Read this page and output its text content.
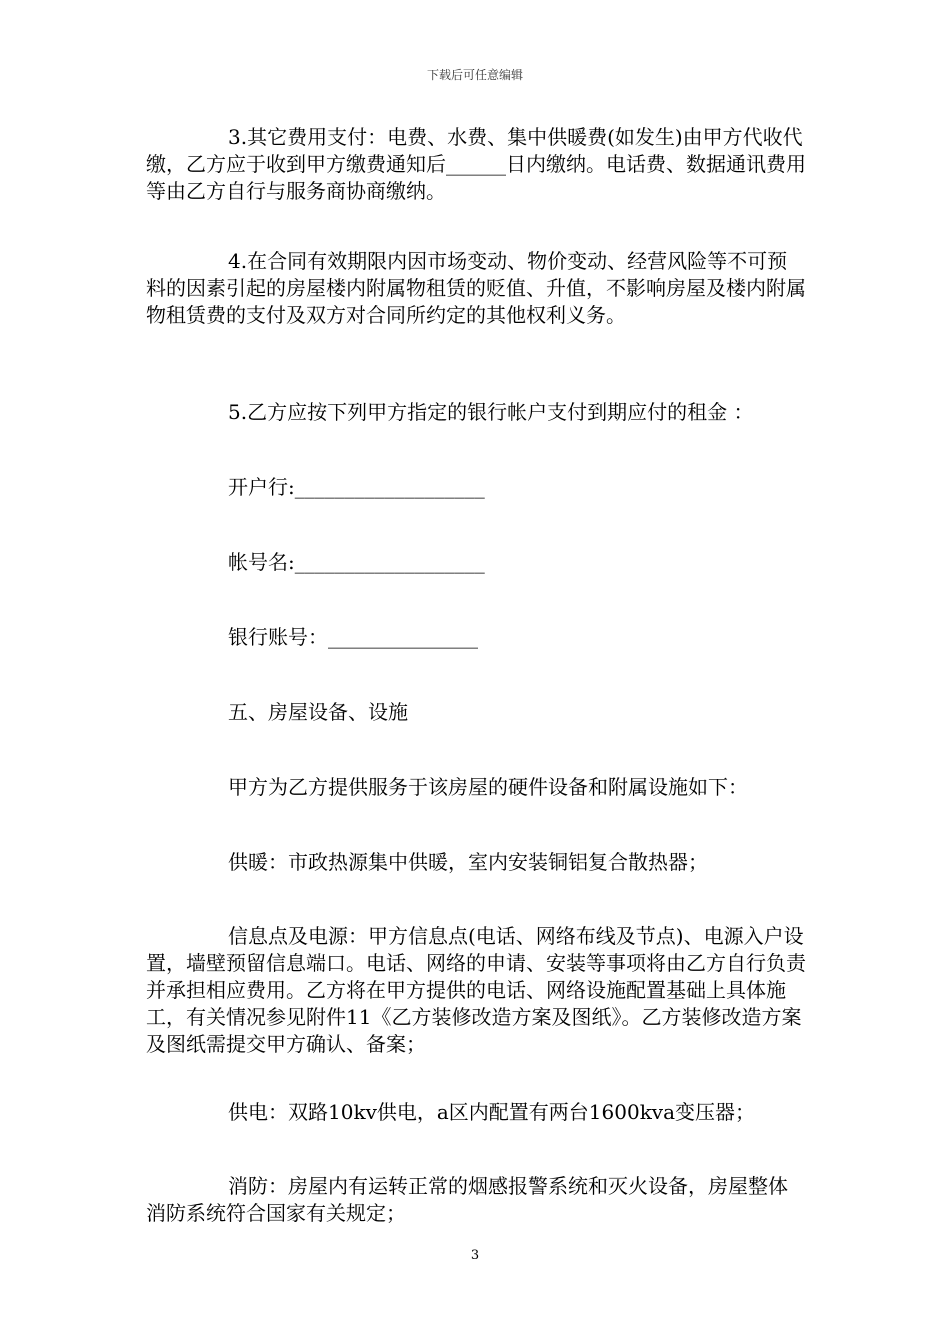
下载后可任意编辑

3.其它费用支付：电费、水费、集中供暖费(如发生)由甲方代收代缴，乙方应于收到甲方缴费通知后______日内缴纳。电话费、数据通讯费用等由乙方自行与服务商协商缴纳。

4.在合同有效期限内因市场变动、物价变动、经营风险等不可预料的因素引起的房屋楼内附属物租赁的贬值、升值，不影响房屋及楼内附属物租赁费的支付及双方对合同所约定的其他权利义务。

5.乙方应按下列甲方指定的银行帐户支付到期应付的租金 ：

开户行:___________________

帐号名:___________________

银行账号：_______________

五、房屋设备、设施

甲方为乙方提供服务于该房屋的硬件设备和附属设施如下：

供暖：市政热源集中供暖，室内安装铜铝复合散热器；

信息点及电源：甲方信息点(电话、网络布线及节点)、电源入户设置，墙壁预留信息端口。电话、网络的申请、安装等事项将由乙方自行负责并承担相应费用。乙方将在甲方提供的电话、网络设施配置基础上具体施工，有关情况参见附件11《乙方装修改造方案及图纸》。乙方装修改造方案及图纸需提交甲方确认、备案；

供电：双路10kv供电，a区内配置有两台1600kva变压器；

消防：房屋内有运转正常的烟感报警系统和灭火设备，房屋整体消防系统符合国家有关规定；

3
